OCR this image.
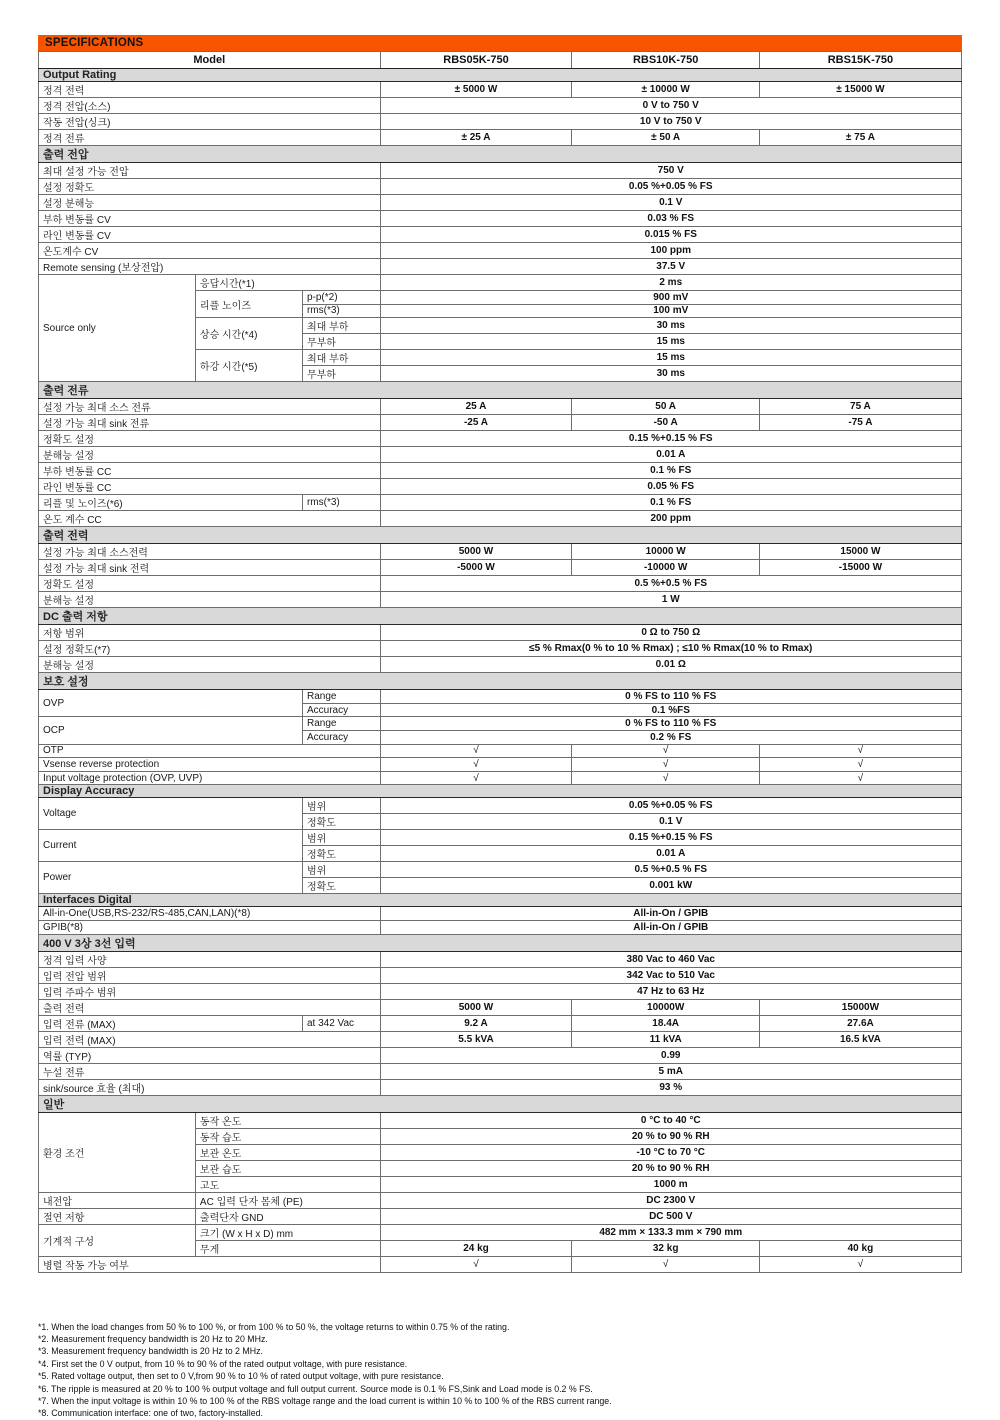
SPECIFICATIONS
Model			RBS05K-750	RBS10K-750	RBS15K-750
Output Rating					
정격 전력			± 5000 W	± 10000 W	± 15000 W
정격 전압(소스)			0 V to 750 V		
작동 전압(싱크)			10 V to 750 V		
정격 전류			± 25 A	± 50 A	± 75 A
출력 전압					
최대 설정 가능 전압			750 V		
설정 정확도			0.05 %+0.05 % FS		
설정 분해능			0.1 V		
부하 변동률 CV			0.03 % FS		
라인 변동률 CV			0.015 % FS		
온도계수 CV			100 ppm		
Remote sensing (보상전압)			37.5 V		
Source only	응답시간(*1)		2 ms		
	리플 노이즈	p-p(*2)	900 mV		
		rms(*3)	100 mV		
	상승 시간(*4)	최대 부하	30 ms		
		무부하	15 ms		
	하강 시간(*5)	최대 부하	15 ms		
		무부하	30 ms		
출력 전류					
설정 가능 최대 소스 전류			25 A	50 A	75 A
설정 가능 최대 sink 전류			-25 A	-50 A	-75 A
정확도 설정			0.15 %+0.15 % FS		
분해능 설정			0.01 A		
부하 변동률 CC			0.1 % FS		
라인 변동률 CC			0.05 % FS		
리플 및 노이즈(*6)		rms(*3)	0.1 % FS		
온도 계수 CC			200 ppm		
출력 전력					
설정 가능 최대 소스전력			5000 W	10000 W	15000 W
설정 가능 최대 sink 전력			-5000 W	-10000 W	-15000 W
정확도 설정			0.5 %+0.5 % FS		
분해능 설정			1 W		
DC 출력 저항					
저항 범위			0 Ω to 750 Ω		
설정 정확도(*7)			≤5 % Rmax(0 % to 10 % Rmax) ; ≤10 % Rmax(10 % to Rmax)		
분해능 설정			0.01 Ω		
보호 설정					
OVP		Range	0 % FS to 110 % FS		
		Accuracy	0.1 %FS		
OCP		Range	0 % FS to 110 % FS		
		Accuracy	0.2 % FS		
OTP			√	√	√
Vsense reverse protection			√	√	√
Input voltage protection (OVP, UVP)			√	√	√
Display Accuracy					
Voltage		범위	0.05 %+0.05 % FS		
		정확도	0.1 V		
Current		범위	0.15 %+0.15 % FS		
		정확도	0.01 A		
Power		범위	0.5 %+0.5 % FS		
		정확도	0.001 kW		
Interfaces Digital					
All-in-One(USB,RS-232/RS-485,CAN,LAN)(*8)			All-in-On / GPIB		
GPIB(*8)			All-in-On / GPIB		
400 V 3상 3선 입력					
정격 입력 사양			380 Vac to 460 Vac		
입력 전압 범위			342 Vac to 510 Vac		
입력 주파수 범위			47 Hz to 63 Hz		
출력 전력			5000 W	10000W	15000W
입력 전류 (MAX)		at 342 Vac	9.2 A	18.4A	27.6A
입력 전력 (MAX)			5.5 kVA	11 kVA	16.5 kVA
역률 (TYP)			0.99		
누설 전류			5 mA		
sink/source 효율 (최대)			93 %		
일반					
환경 조건	동작 온도		0 °C to 40 °C		
	동작 습도		20 % to 90 % RH		
	보관 온도		-10 °C to 70 °C		
	보관 습도		20 % to 90 % RH		
	고도		1000 m		
내전압	AC 입력 단자 몸체 (PE)		DC 2300 V		
절연 저항	출력단자 GND		DC 500 V		
기계적 구성	크기 (W x H x D) mm		482 mm × 133.3 mm × 790 mm		
	무게		24 kg	32 kg	40 kg
병렬 작동 가능 여부			√	√	√
*1. When the load changes from 50 % to 100 %, or from 100 % to 50 %, the voltage returns to within 0.75 % of the rating.
*2. Measurement frequency bandwidth is 20 Hz to 20 MHz.
*3. Measurement frequency bandwidth is 20 Hz to 2 MHz.
*4. First set the 0 V output, from 10 % to 90 % of the rated output voltage, with pure resistance.
*5. Rated voltage output, then set to 0 V,from 90 % to 10 % of rated output voltage, with pure resistance.
*6. The ripple is measured at 20 % to 100 % output voltage and full output current. Source mode is 0.1 % FS,Sink and Load mode is 0.2 % FS.
*7. When the input voltage is within 10 % to 100 % of the RBS voltage range and the load current is within 10 % to 100 % of the RBS current range.
*8. Communication interface: one of two, factory-installed.
